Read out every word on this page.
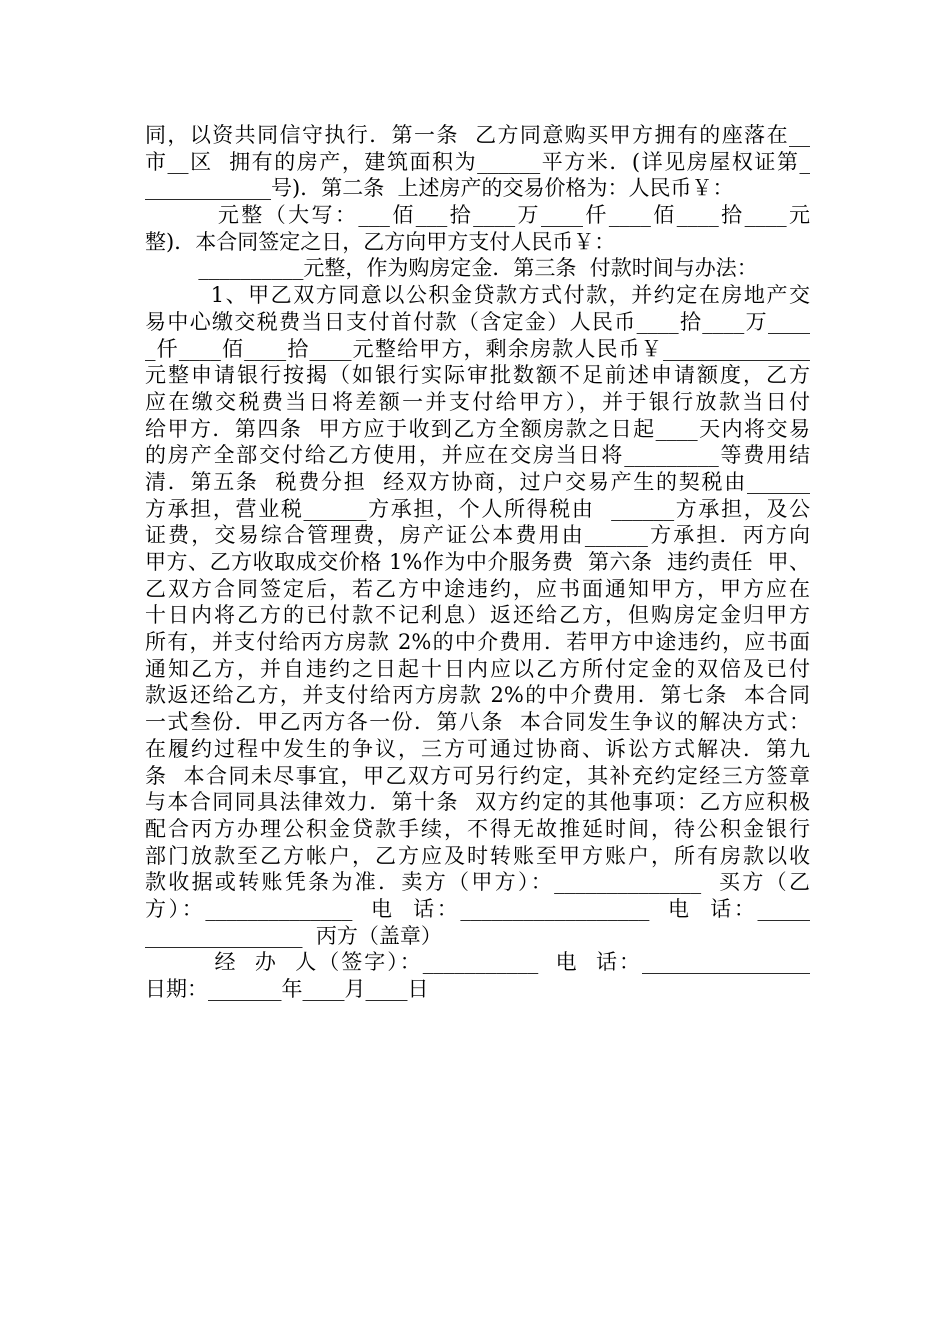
同，以资共同信守执行．第一条  乙方同意购买甲方拥有的座落在__
市__区  拥有的房产，建筑面积为______平方米．(详见房屋权证第_
____________号)．第二条  上述房产的交易价格为：人民币￥：
元整（大写：___佰___拾____万____仟____佰____拾____元
整)．本合同签定之日，乙方向甲方支付人民币￥：
__________元整，作为购房定金．第三条  付款时间与办法：
1、甲乙双方同意以公积金贷款方式付款，并约定在房地产交
易中心缴交税费当日支付首付款（含定金）人民币____拾____万____
_仟____佰____拾____元整给甲方，剩余房款人民币￥______________
元整申请银行按揭（如银行实际审批数额不足前述申请额度，乙方
应在缴交税费当日将差额一并支付给甲方），并于银行放款当日付
给甲方．第四条  甲方应于收到乙方全额房款之日起____天内将交易
的房产全部交付给乙方使用，并应在交房当日将_________等费用结
清．第五条  税费分担  经双方协商，过户交易产生的契税由______
方承担，营业税______方承担，个人所得税由  ______方承担，及公
证费，交易综合管理费，房产证公本费用由______方承担．丙方向
甲方、乙方收取成交价格 1%作为中介服务费  第六条  违约责任  甲、
乙双方合同签定后，若乙方中途违约，应书面通知甲方，甲方应在
十日内将乙方的已付款不记利息）返还给乙方，但购房定金归甲方
所有，并支付给丙方房款 2%的中介费用．若甲方中途违约，应书面
通知乙方，并自违约之日起十日内应以乙方所付定金的双倍及已付
款返还给乙方，并支付给丙方房款 2%的中介费用．第七条  本合同
一式叁份．甲乙丙方各一份．第八条  本合同发生争议的解决方式：
在履约过程中发生的争议，三方可通过协商、诉讼方式解决．第九
条  本合同未尽事宜，甲乙双方可另行约定，其补充约定经三方签章
与本合同同具法律效力．第十条  双方约定的其他事项：乙方应积极
配合丙方办理公积金贷款手续，不得无故推延时间，待公积金银行
部门放款至乙方帐户，乙方应及时转账至甲方账户，所有房款以收
款收据或转账凭条为准．卖方（甲方）：______________  买方（乙
方）：______________  电  话：__________________  电  话：_____
_______________  丙方（盖章）
经  办  人（签字）：___________  电  话：________________
日期：_______年____月____日
